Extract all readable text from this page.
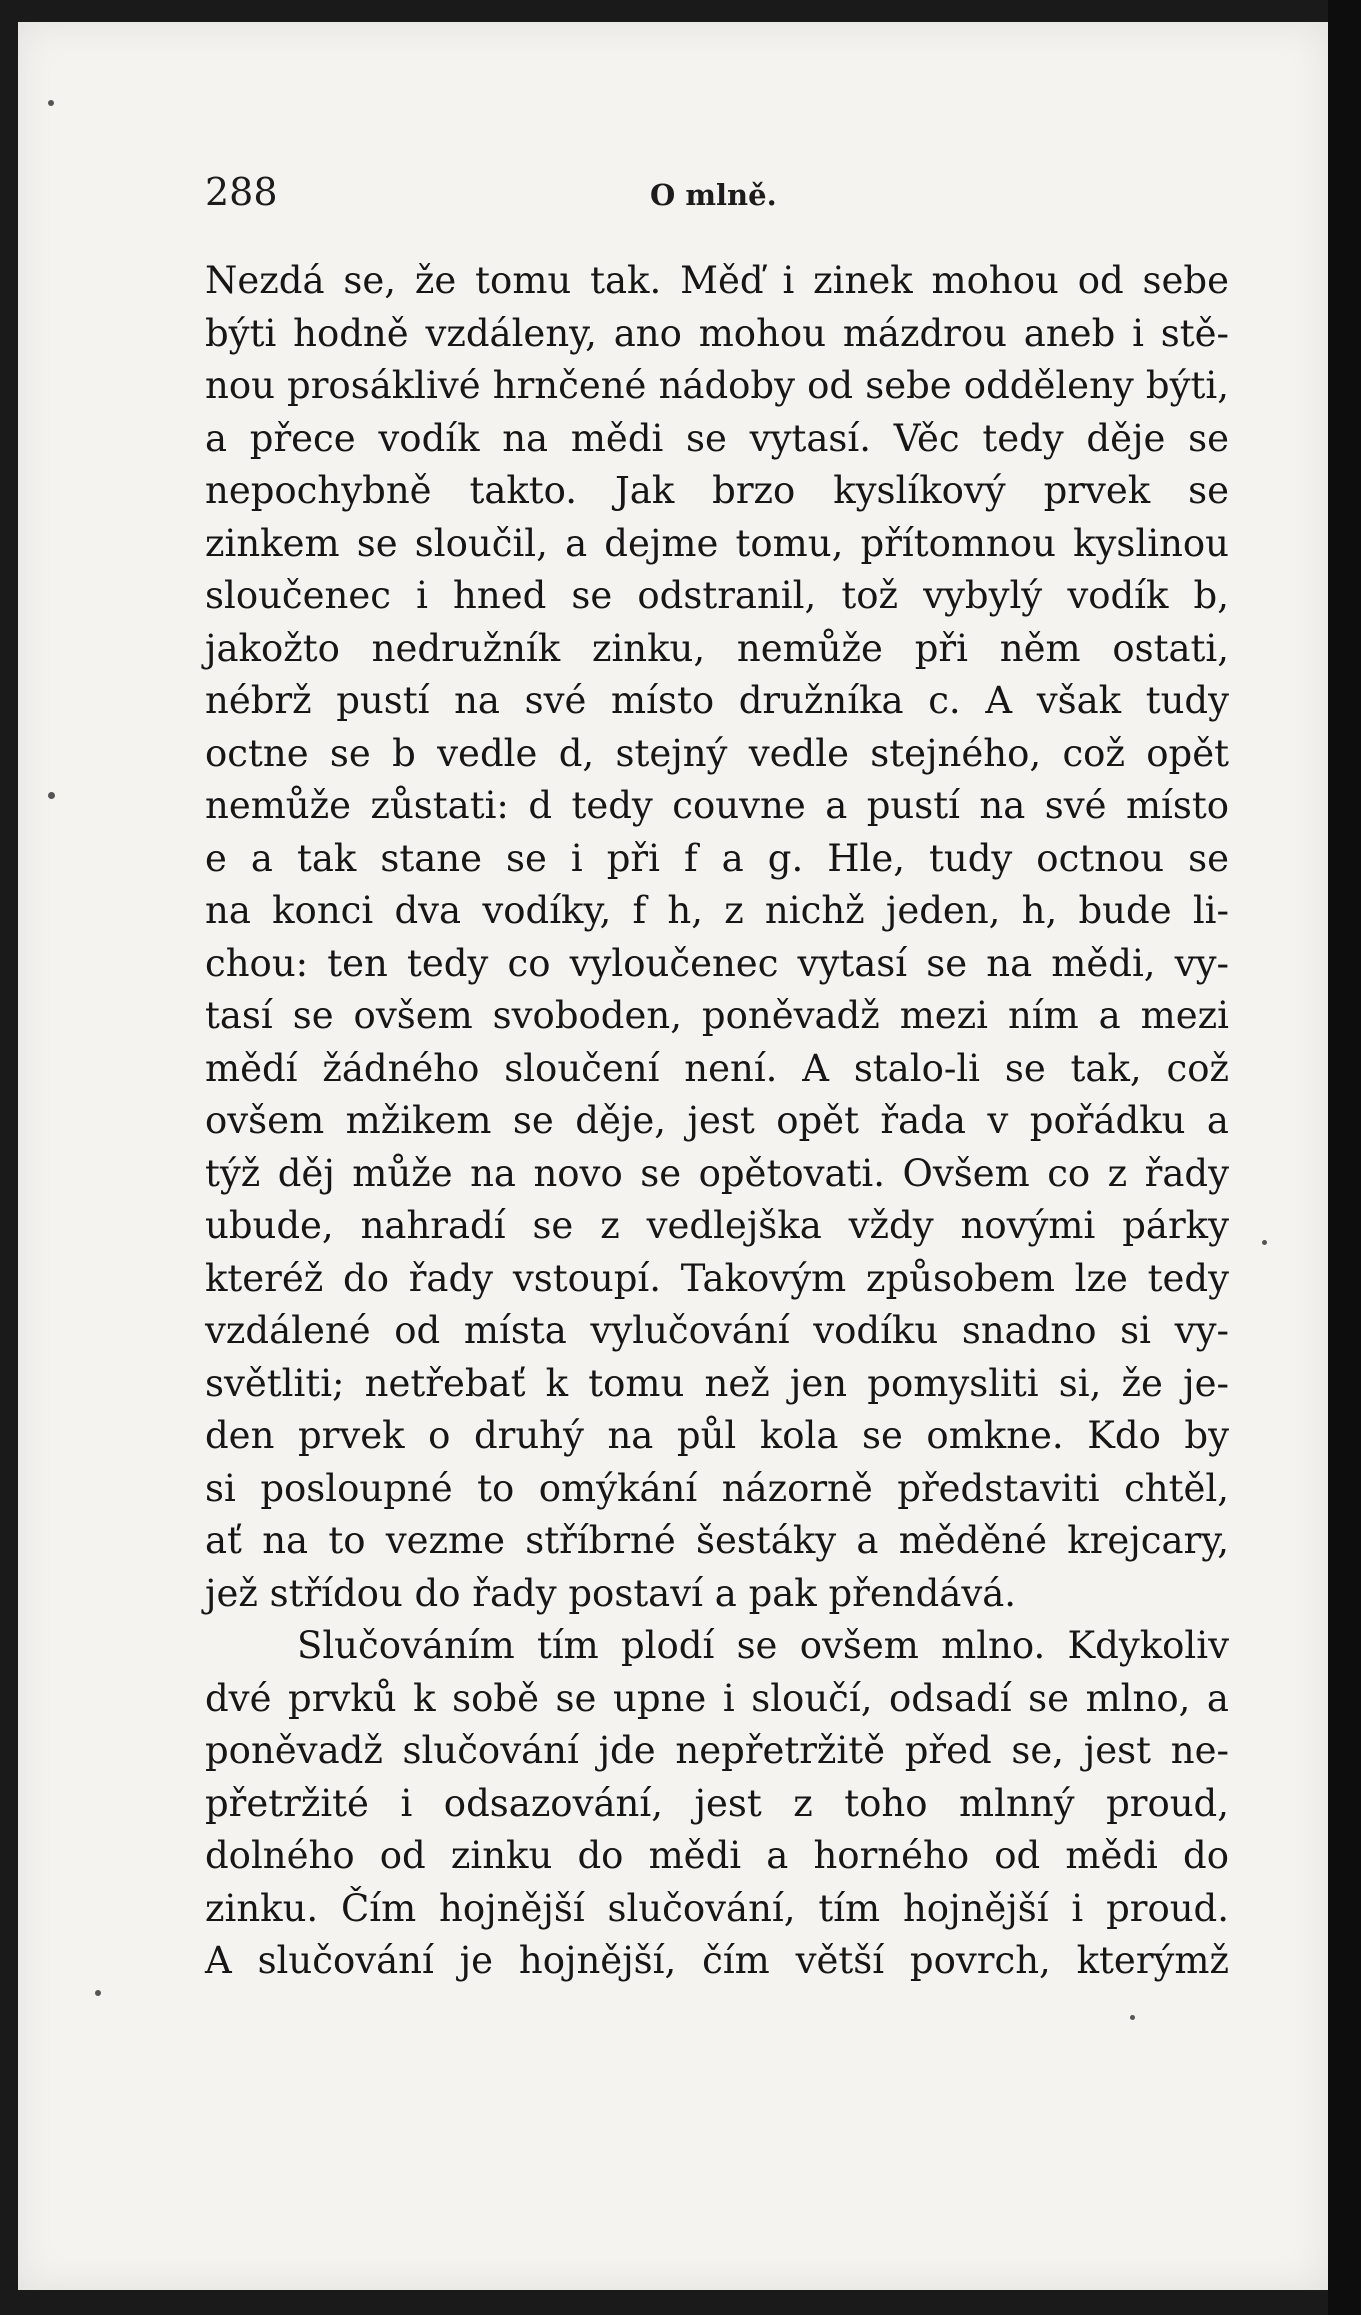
288	O mlně.
Nezdá se, že tomu tak. Měď i zinek mohou od sebe
býti hodně vzdáleny, ano mohou mázdrou aneb i stě-
nou prosáklivé hrnčené nádoby od sebe odděleny býti,
a přece vodík na mědi se vytasí. Věc tedy děje se
nepochybně takto. Jak brzo kyslíkový prvek se
zinkem se sloučil, a dejme tomu, přítomnou kyslinou
sloučenec i hned se odstranil, tož vybylý vodík b,
jakožto nedružník zinku, nemůže při něm ostati,
nébrž pustí na své místo družníka c. A však tudy
octne se b vedle d, stejný vedle stejného, což opět
nemůže zůstati: d tedy couvne a pustí na své místo
e a tak stane se i při f a g. Hle, tudy octnou se
na konci dva vodíky, f h, z nichž jeden, h, bude li-
chou: ten tedy co vyloučenec vytasí se na mědi, vy-
tasí se ovšem svoboden, poněvadž mezi ním a mezi
mědí žádného sloučení není. A stalo-li se tak, což
ovšem mžikem se děje, jest opět řada v pořádku a
týž děj může na novo se opětovati. Ovšem co z řady
ubude, nahradí se z vedlejška vždy novými párky
kteréž do řady vstoupí. Takovým způsobem lze tedy
vzdálené od místa vylučování vodíku snadno si vy-
světliti; netřebať k tomu než jen pomysliti si, že je-
den prvek o druhý na půl kola se omkne. Kdo by
si posloupné to omýkání názorně představiti chtěl,
ať na to vezme stříbrné šestáky a měděné krejcary,
jež střídou do řady postaví a pak přendává.
Slučováním tím plodí se ovšem mlno. Kdykoliv
dvé prvků k sobě se upne i sloučí, odsadí se mlno, a
poněvadž slučování jde nepřetržitě před se, jest ne-
přetržité i odsazování, jest z toho mlnný proud,
dolného od zinku do mědi a horného od mědi do
zinku. Čím hojnější slučování, tím hojnější i proud.
A slučování je hojnější, čím větší povrch, kterýmž
